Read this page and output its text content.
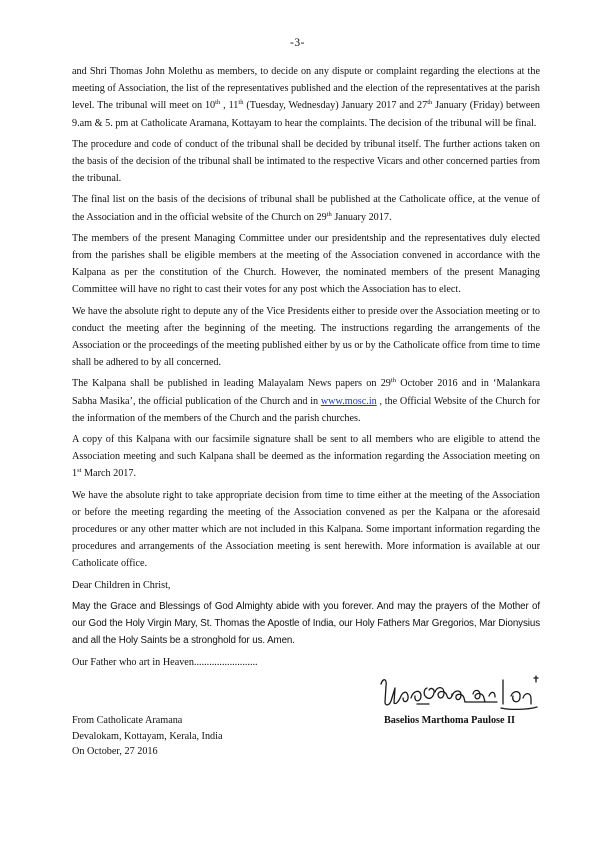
-3-

and Shri Thomas John Molethu as members, to decide on any dispute or complaint regarding the elections at the meeting of Association, the list of the representatives published and the election of the representatives at the parish level. The tribunal will meet on 10th , 11th (Tuesday, Wednesday) January 2017 and 27th January (Friday) between 9.am & 5. pm at Catholicate Aramana, Kottayam to hear the complaints. The decision of the tribunal will be final.

The procedure and code of conduct of the tribunal shall be decided by tribunal itself. The further actions taken on the basis of the decision of the tribunal shall be intimated to the respective Vicars and other concerned parties from the tribunal.

The final list on the basis of the decisions of tribunal shall be published at the Catholicate office, at the venue of the Association and in the official website of the Church on 29th January 2017.

The members of the present Managing Committee under our presidentship and the representatives duly elected from the parishes shall be eligible members at the meeting of the Association convened in accordance with the Kalpana as per the constitution of the Church. However, the nominated members of the present Managing Committee will have no right to cast their votes for any post which the Association has to elect.

We have the absolute right to depute any of the Vice Presidents either to preside over the Association meeting or to conduct the meeting after the beginning of the meeting. The instructions regarding the arrangements of the Association or the proceedings of the meeting published either by us or by the Catholicate office from time to time shall be adhered to by all concerned.

The Kalpana shall be published in leading Malayalam News papers on 29th October 2016 and in ‘Malankara Sabha Masika’, the official publication of the Church and in www.mosc.in , the Official Website of the Church for the information of the members of the Church and the parish churches.

A copy of this Kalpana with our facsimile signature shall be sent to all members who are eligible to attend the Association meeting and such Kalpana shall be deemed as the information regarding the Association meeting on 1st March 2017.

We have the absolute right to take appropriate decision from time to time either at the meeting of the Association or before the meeting regarding the meeting of the Association convened as per the Kalpana or the aforesaid procedures or any other matter which are not included in this Kalpana. Some important information regarding the procedures and arrangements of the Association meeting is sent herewith. More information is available at our Catholicate office.

Dear Children in Christ,

May the Grace and Blessings of God Almighty abide with you forever. And may the prayers of the Mother of our God the Holy Virgin Mary, St. Thomas the Apostle of India, our Holy Fathers Mar Gregorios, Mar Dionysius and all the Holy Saints be a stronghold for us. Amen.

Our Father who art in Heaven.........................

From Catholicate Aramana
Devalokam, Kottayam, Kerala, India
On October, 27 2016
Baselios Marthoma Paulose II
